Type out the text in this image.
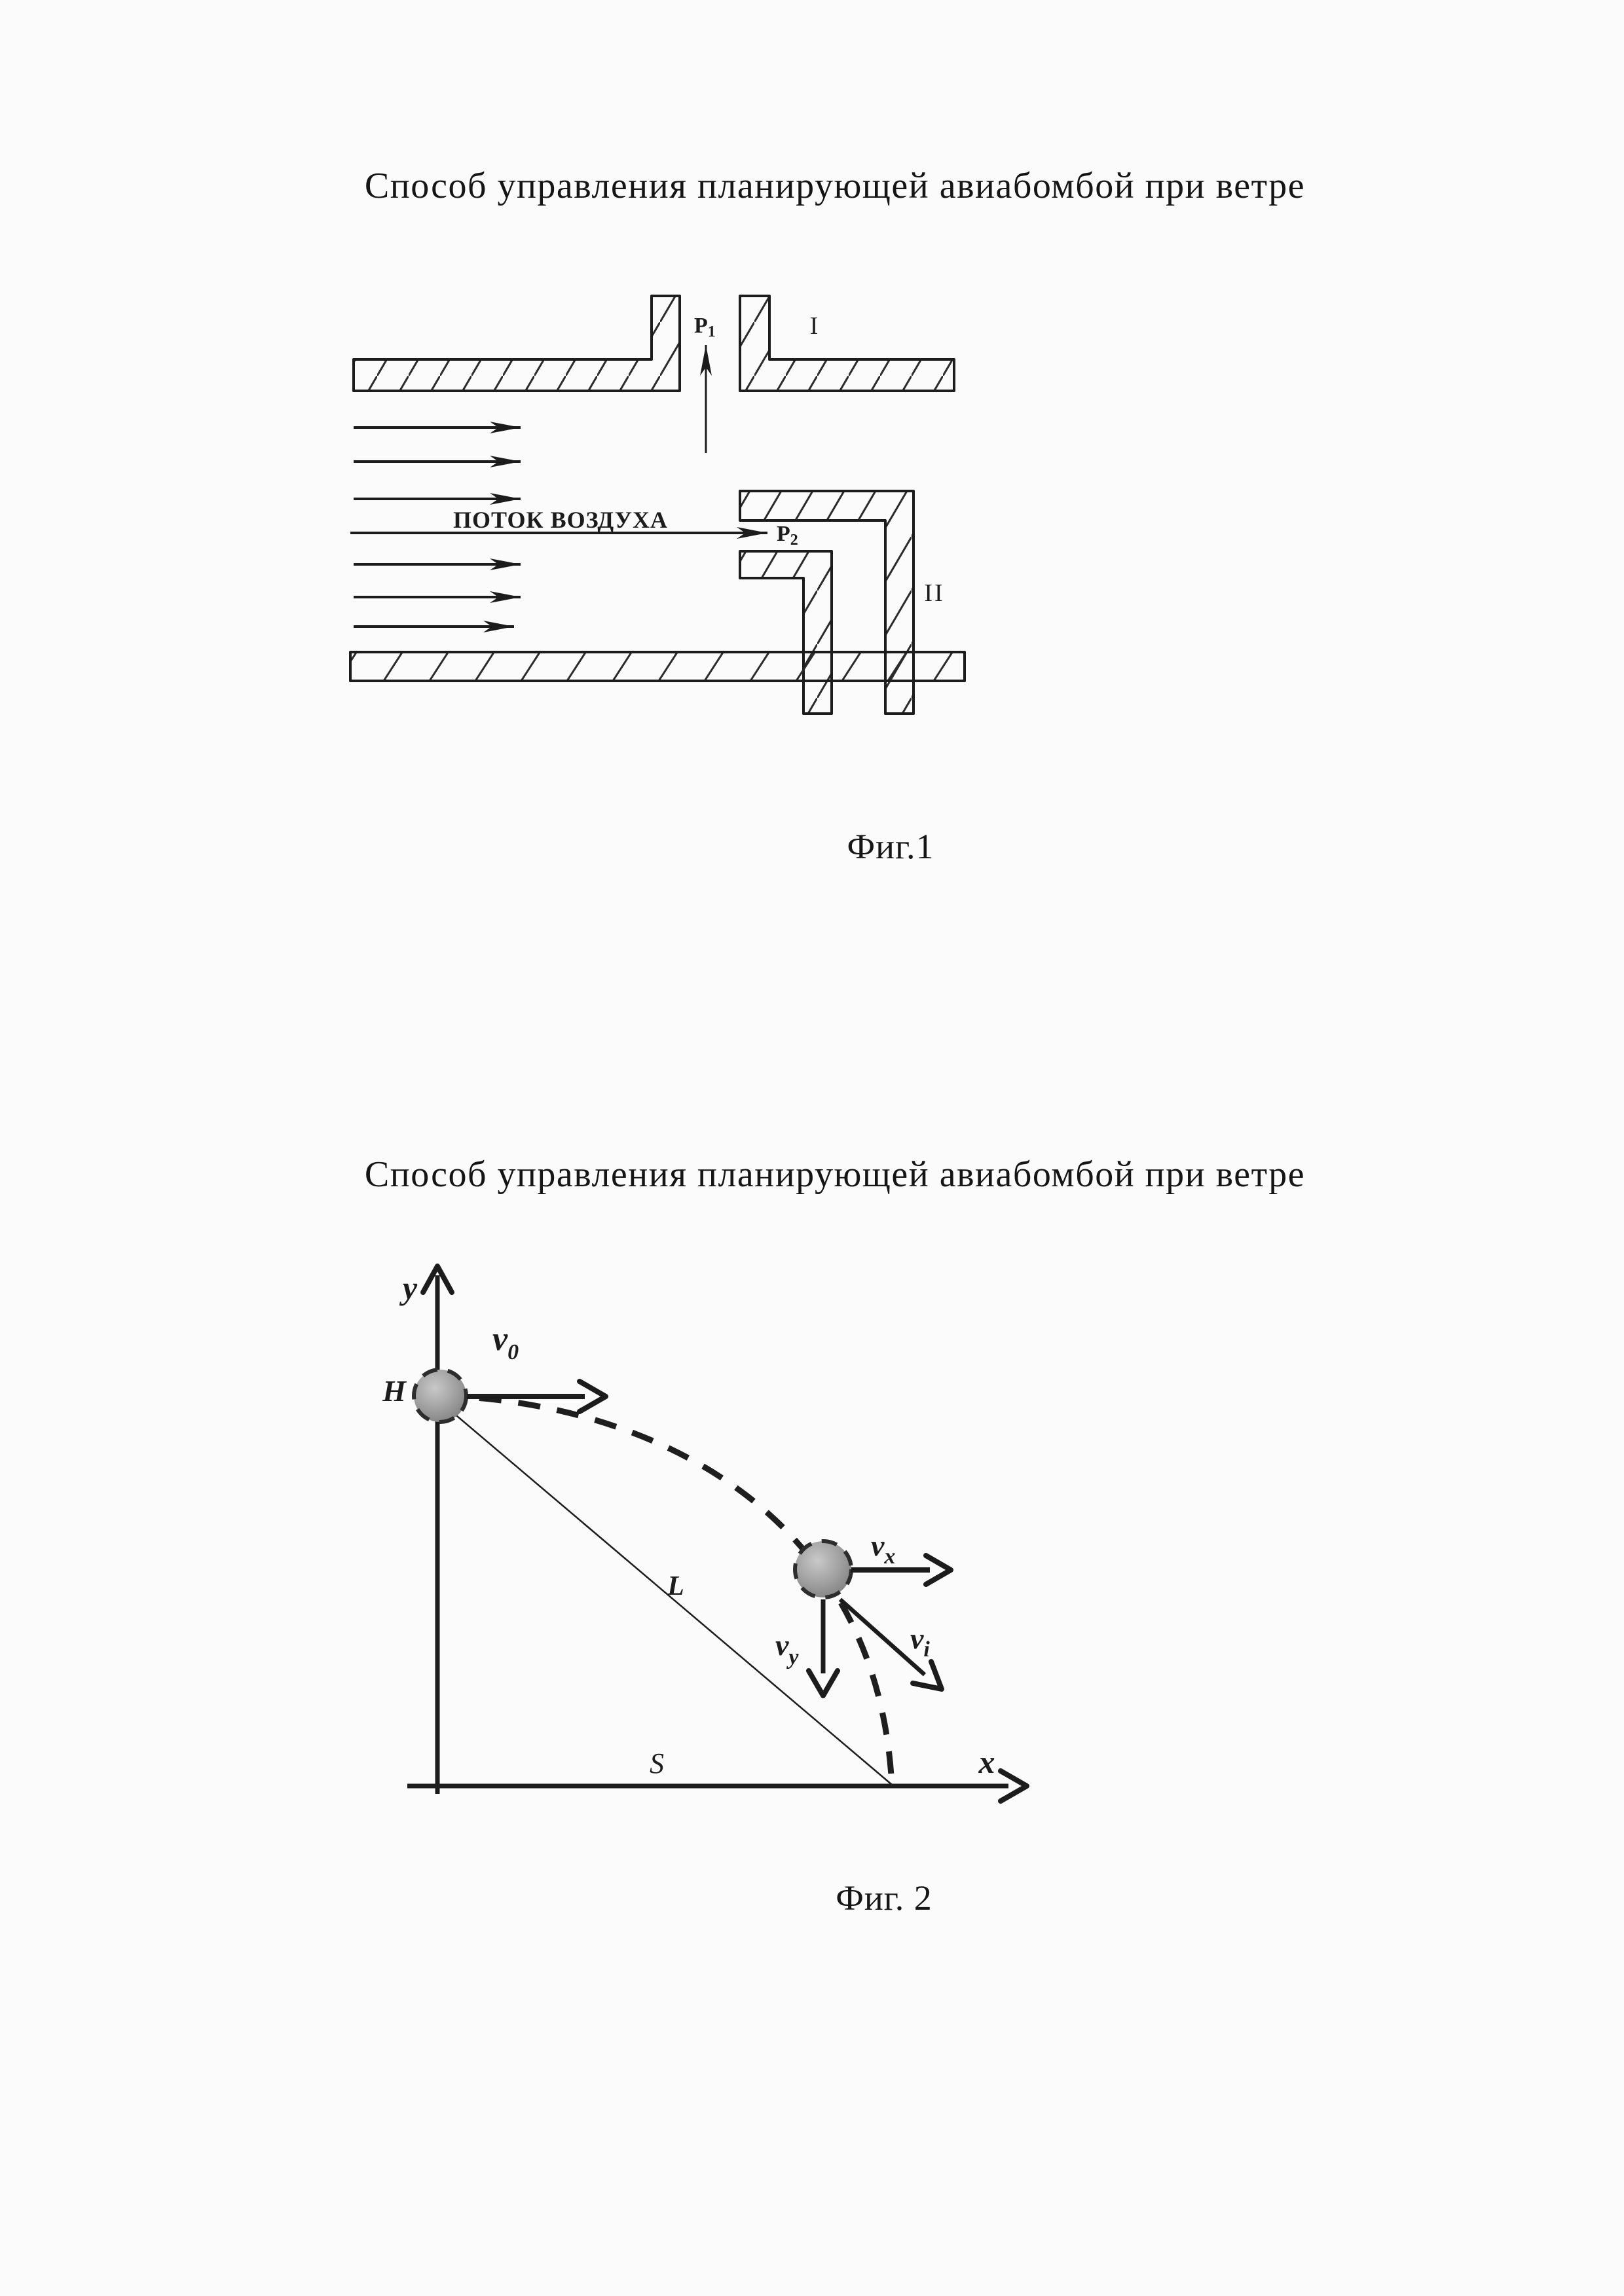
Способ управления планирующей авиабомбой при ветре
ПОТОК ВОЗДУХА
P1
P2
I
II
Фиг.1
Способ управления планирующей авиабомбой при ветре
y
x
H
v0
vx
vy
vi
L
S
Фиг. 2
